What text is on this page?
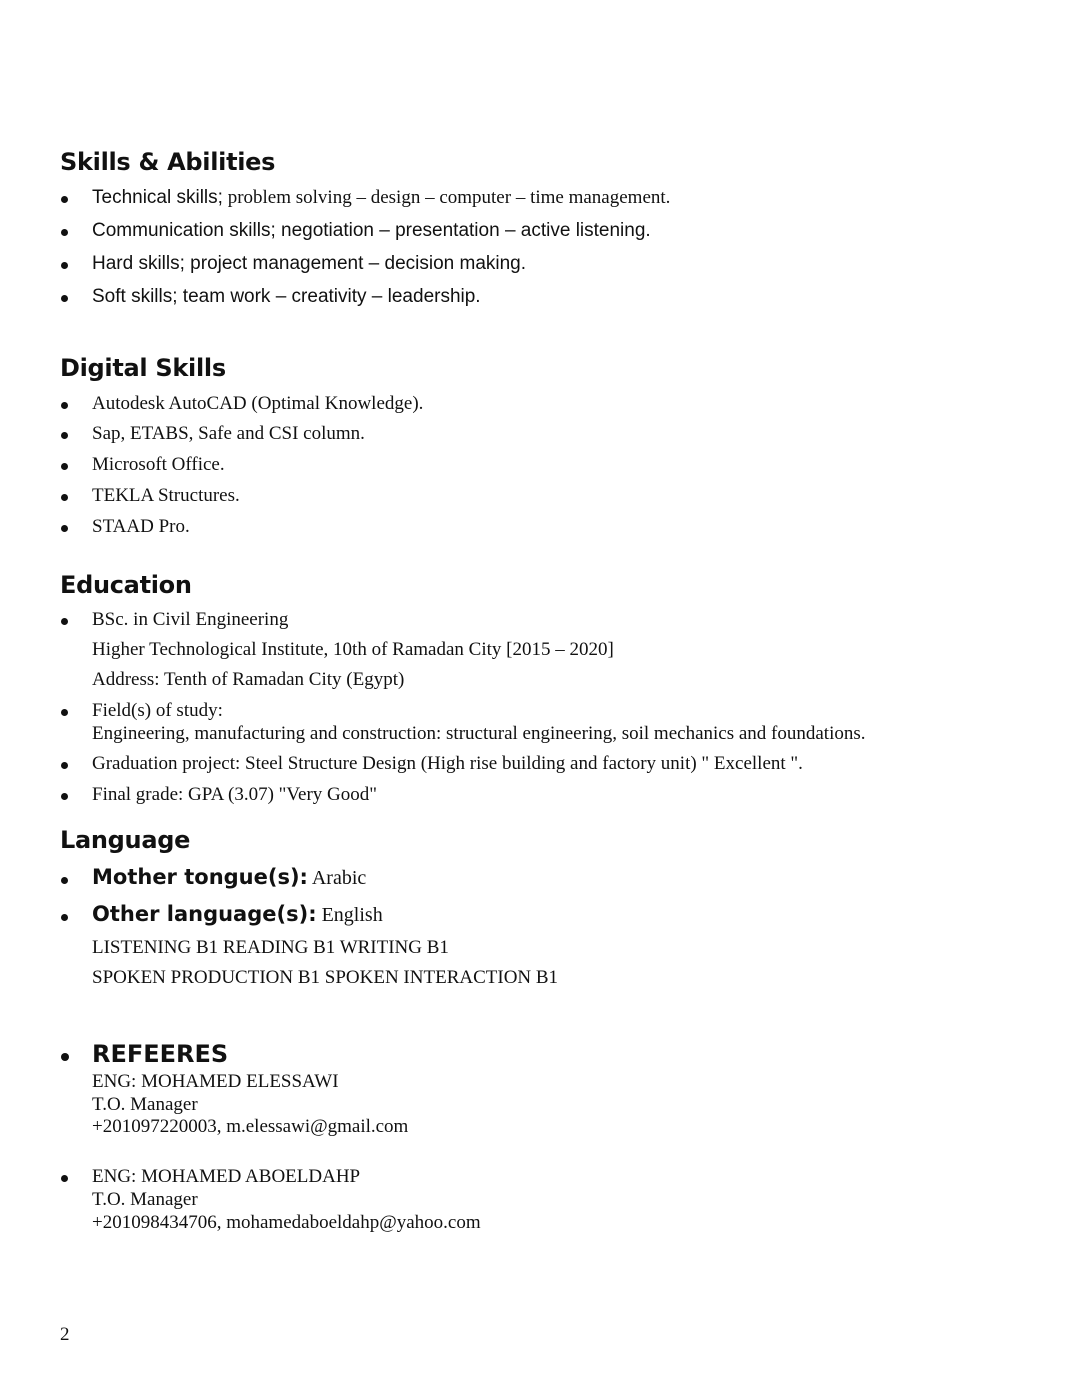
Skills & Abilities
Technical skills; problem solving – design – computer – time management.
Communication skills; negotiation – presentation – active listening.
Hard skills; project management – decision making.
Soft skills; team work – creativity – leadership.
Digital Skills
Autodesk AutoCAD (Optimal Knowledge).
Sap, ETABS, Safe and CSI column.
Microsoft Office.
TEKLA Structures.
STAAD Pro.
Education
BSc. in Civil Engineering
Higher Technological Institute, 10th of Ramadan City [2015 – 2020]
Address: Tenth of Ramadan City (Egypt)
Field(s) of study:
Engineering, manufacturing and construction: structural engineering, soil mechanics and foundations.
Graduation project: Steel Structure Design (High rise building and factory unit) " Excellent ".
Final grade: GPA (3.07) "Very Good"
Language
Mother tongue(s): Arabic
Other language(s): English
LISTENING B1 READING B1 WRITING B1
SPOKEN PRODUCTION B1 SPOKEN INTERACTION B1
REFEERES
ENG: MOHAMED ELESSAWI
T.O. Manager
+201097220003, m.elessawi@gmail.com
ENG: MOHAMED ABOELDAHP
T.O. Manager
+201098434706, mohamedaboeldahp@yahoo.com
2
